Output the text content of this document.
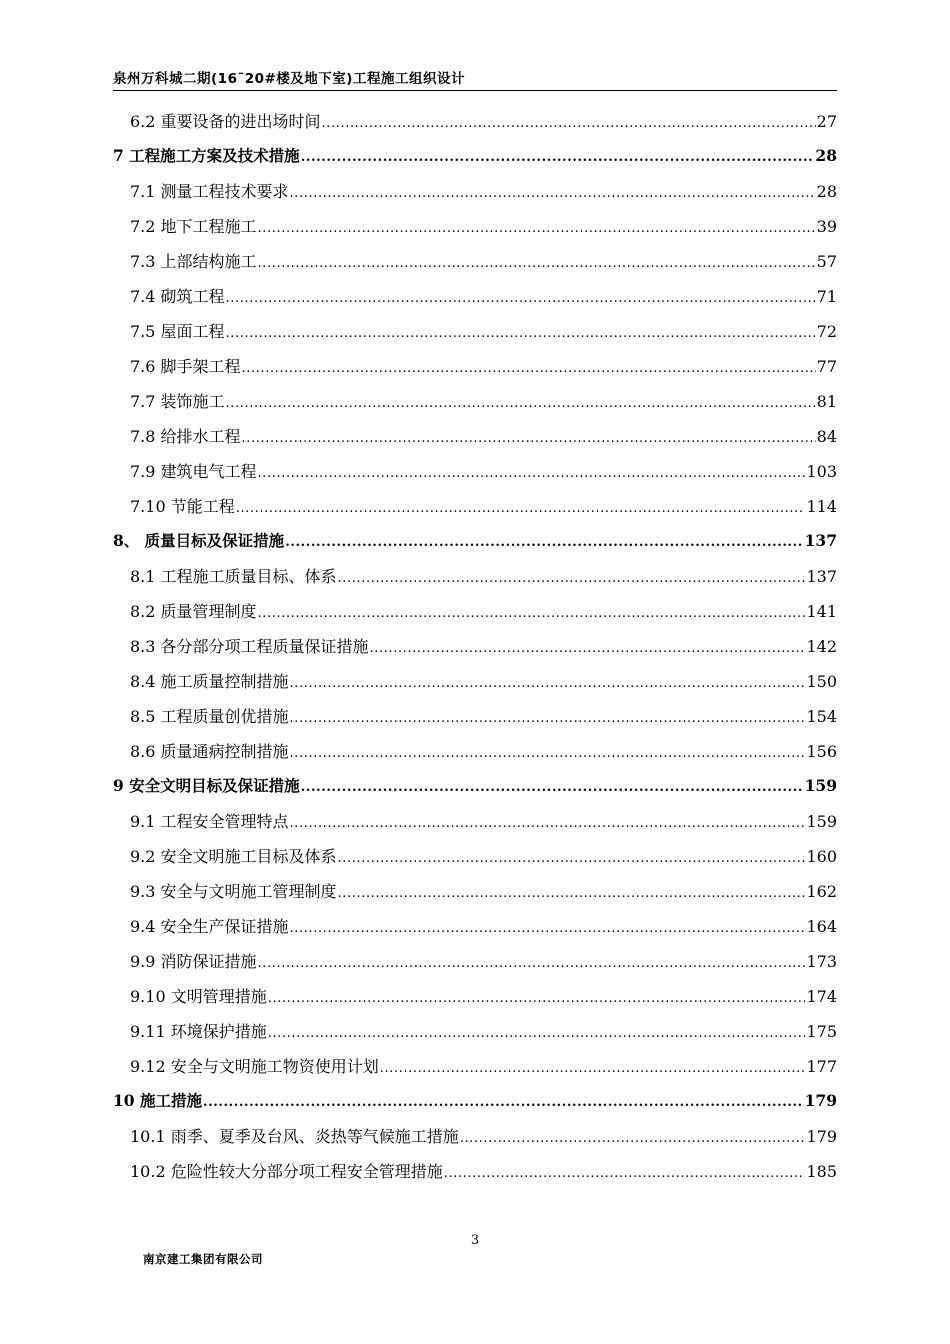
泉州万科城二期(16¯20#楼及地下室)工程施工组织设计
6.2 重要设备的进出场时间 .....	27
7 工程施工方案及技术措施 .....	28
7.1 测量工程技术要求 .....	28
7.2 地下工程施工 .....	39
7.3 上部结构施工 .....	57
7.4 砌筑工程 .....	71
7.5 屋面工程 .....	72
7.6 脚手架工程 .....	77
7.7 装饰施工 .....	81
7.8 给排水工程 .....	84
7.9 建筑电气工程 .....	103
7.10 节能工程 .....	114
8、 质量目标及保证措施 .....	137
8.1 工程施工质量目标、体系 .....	137
8.2 质量管理制度 .....	141
8.3 各分部分项工程质量保证措施 .....	142
8.4 施工质量控制措施 .....	150
8.5 工程质量创优措施 .....	154
8.6 质量通病控制措施 .....	156
9 安全文明目标及保证措施 .....	159
9.1 工程安全管理特点 .....	159
9.2 安全文明施工目标及体系 .....	160
9.3 安全与文明施工管理制度 .....	162
9.4 安全生产保证措施 .....	164
9.9 消防保证措施 .....	173
9.10 文明管理措施 .....	174
9.11 环境保护措施 .....	175
9.12 安全与文明施工物资使用计划 .....	177
10 施工措施 .....	179
10.1 雨季、夏季及台风、炎热等气候施工措施 .....	179
10.2 危险性较大分部分项工程安全管理措施 .....	185
3
南京建工集团有限公司
